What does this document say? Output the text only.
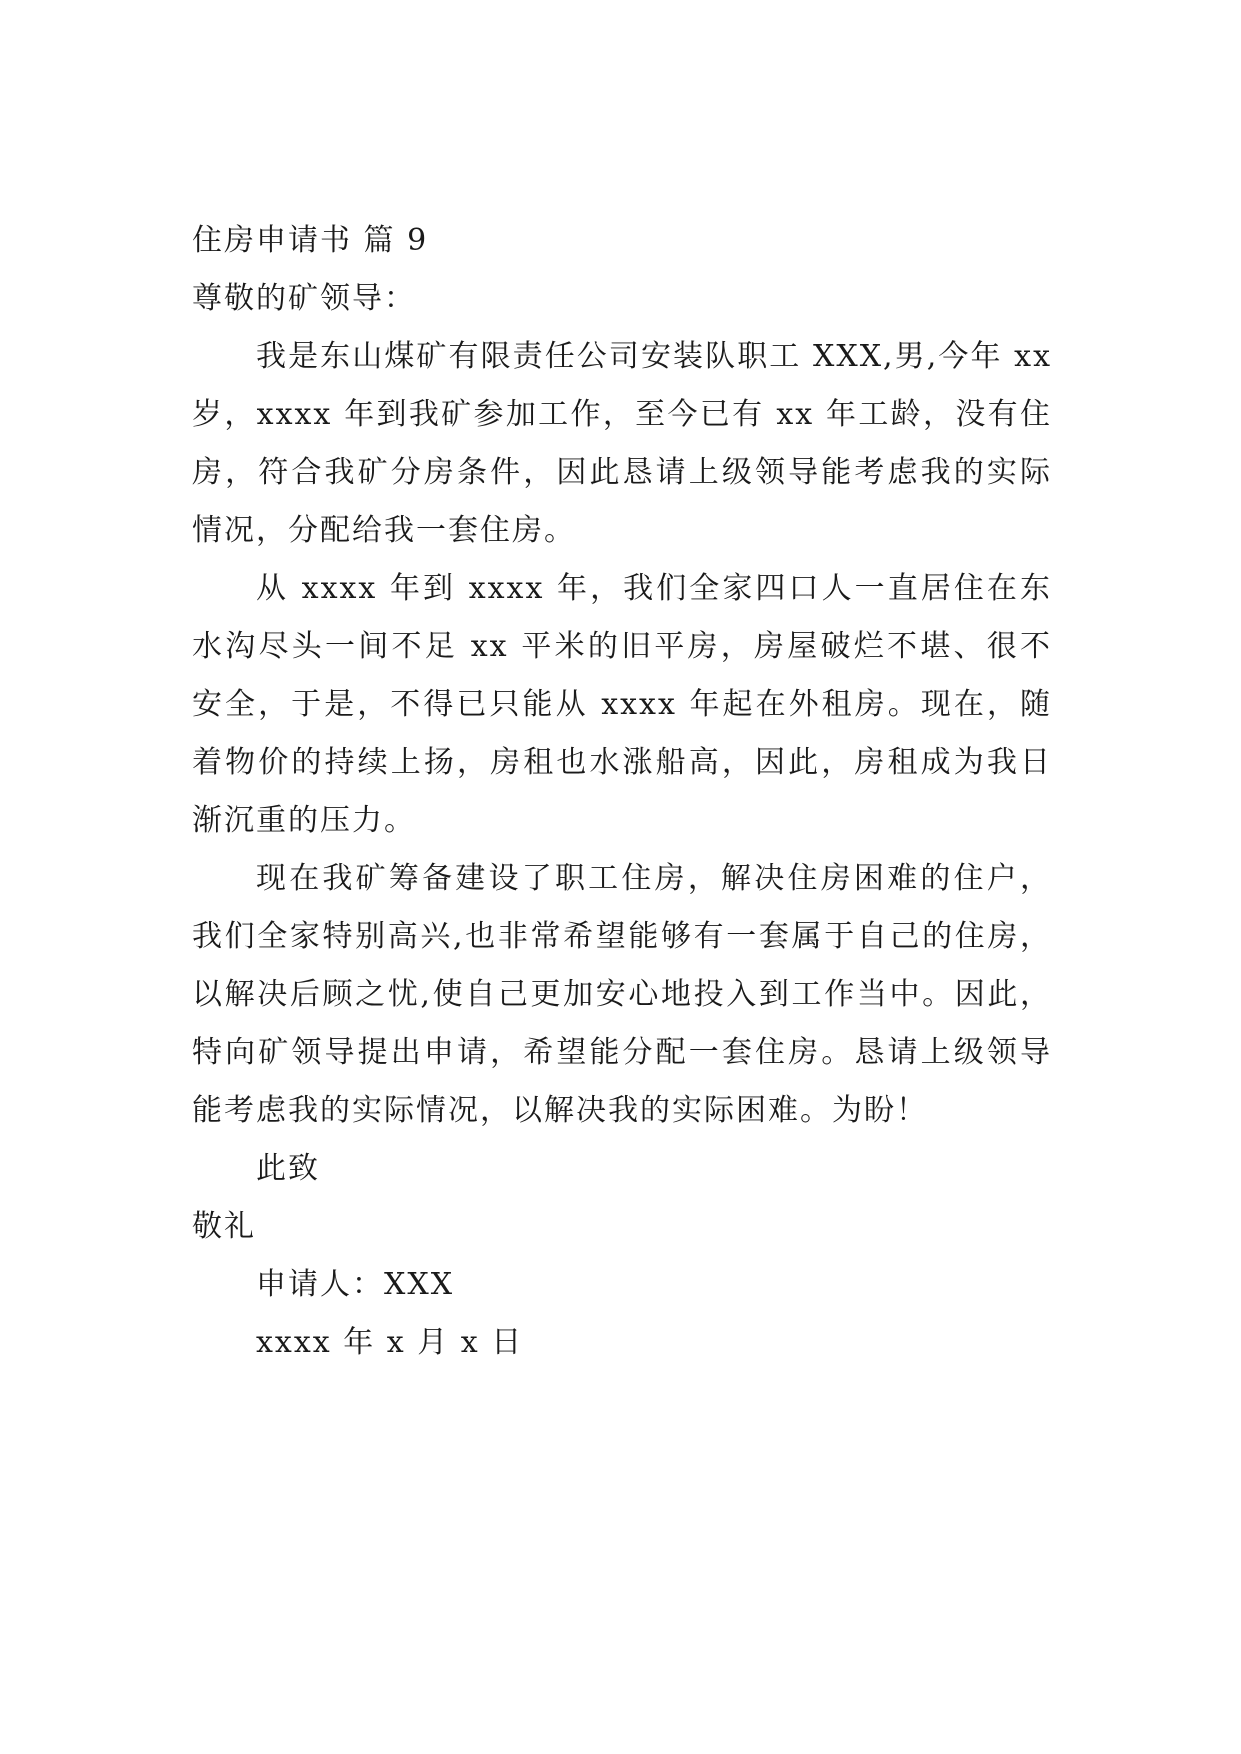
住房申请书 篇 9
尊敬的矿领导：

我是东山煤矿有限责任公司安装队职工 XXX,男,今年 xx 岁，xxxx 年到我矿参加工作，至今已有 xx 年工龄，没有住房，符合我矿分房条件，因此恳请上级领导能考虑我的实际情况，分配给我一套住房。

从 xxxx 年到 xxxx 年，我们全家四口人一直居住在东水沟尽头一间不足 xx 平米的旧平房，房屋破烂不堪、很不安全，于是，不得已只能从 xxxx 年起在外租房。现在，随着物价的持续上扬，房租也水涨船高，因此，房租成为我日渐沉重的压力。

现在我矿筹备建设了职工住房，解决住房困难的住户，我们全家特别高兴,也非常希望能够有一套属于自己的住房，以解决后顾之忧,使自己更加安心地投入到工作当中。因此，特向矿领导提出申请，希望能分配一套住房。恳请上级领导能考虑我的实际情况，以解决我的实际困难。为盼！

此致
敬礼
申请人：XXX
xxxx 年 x 月 x 日
